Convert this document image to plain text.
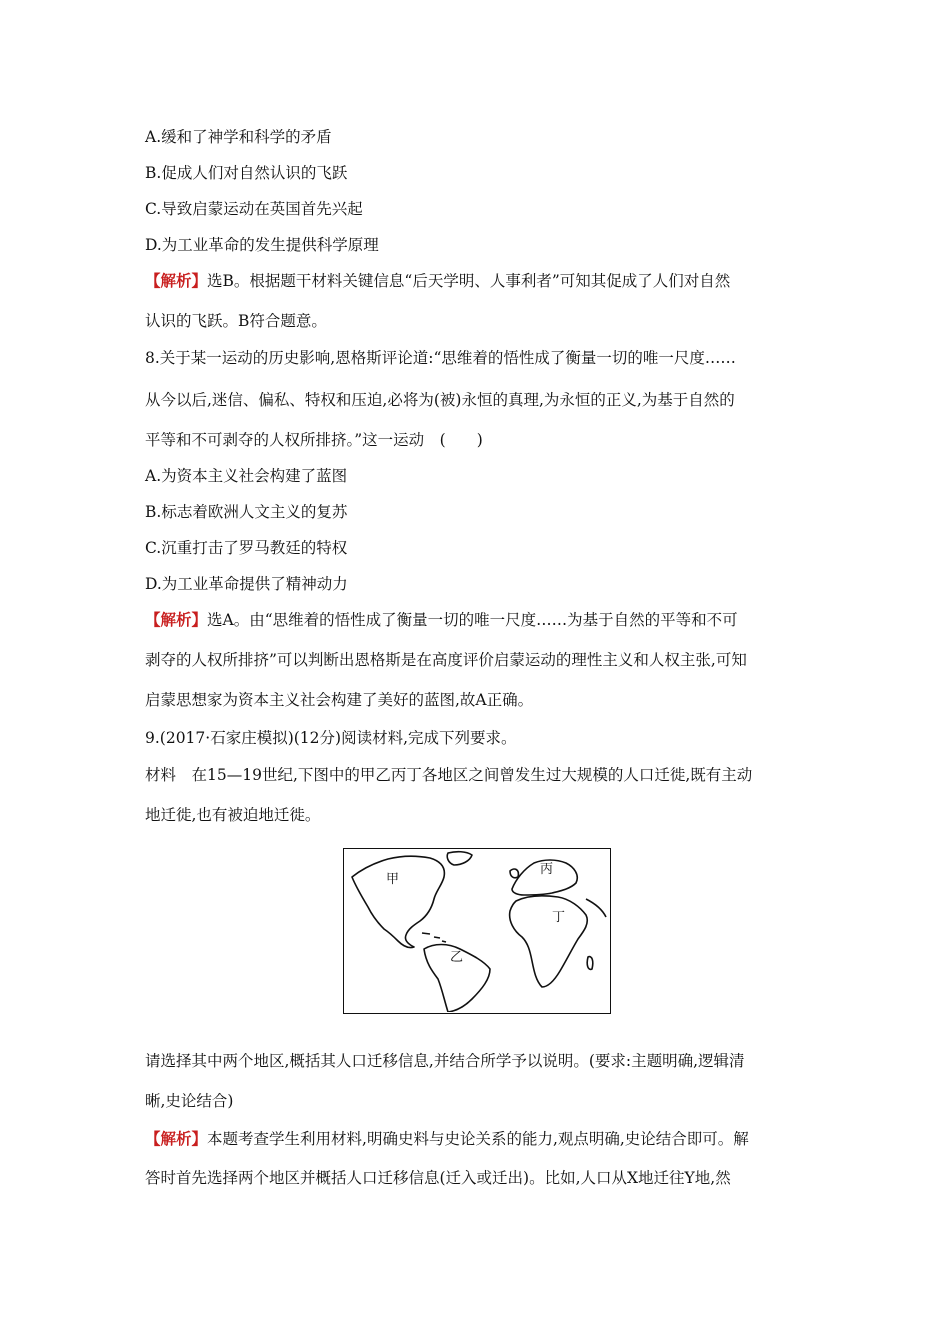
A.缓和了神学和科学的矛盾
B.促成人们对自然认识的飞跃
C.导致启蒙运动在英国首先兴起
D.为工业革命的发生提供科学原理
【解析】选B。根据题干材料关键信息“后天学明、人事利者”可知其促成了人们对自然
认识的飞跃。B符合题意。
8.关于某一运动的历史影响,恩格斯评论道:“思维着的悟性成了衡量一切的唯一尺度……
从今以后,迷信、偏私、特权和压迫,必将为(被)永恒的真理,为永恒的正义,为基于自然的
平等和不可剥夺的人权所排挤。”这一运动　(　　)
A.为资本主义社会构建了蓝图
B.标志着欧洲人文主义的复苏
C.沉重打击了罗马教廷的特权
D.为工业革命提供了精神动力
【解析】选A。由“思维着的悟性成了衡量一切的唯一尺度……为基于自然的平等和不可
剥夺的人权所排挤”可以判断出恩格斯是在高度评价启蒙运动的理性主义和人权主张,可知
启蒙思想家为资本主义社会构建了美好的蓝图,故A正确。
9.(2017·石家庄模拟)(12分)阅读材料,完成下列要求。
材料　在15—19世纪,下图中的甲乙丙丁各地区之间曾发生过大规模的人口迁徙,既有主动
地迁徙,也有被迫地迁徙。
甲
乙
丙
丁
请选择其中两个地区,概括其人口迁移信息,并结合所学予以说明。(要求:主题明确,逻辑清
晰,史论结合)
【解析】本题考查学生利用材料,明确史料与史论关系的能力,观点明确,史论结合即可。解
答时首先选择两个地区并概括人口迁移信息(迁入或迁出)。比如,人口从X地迁往Y地,然
